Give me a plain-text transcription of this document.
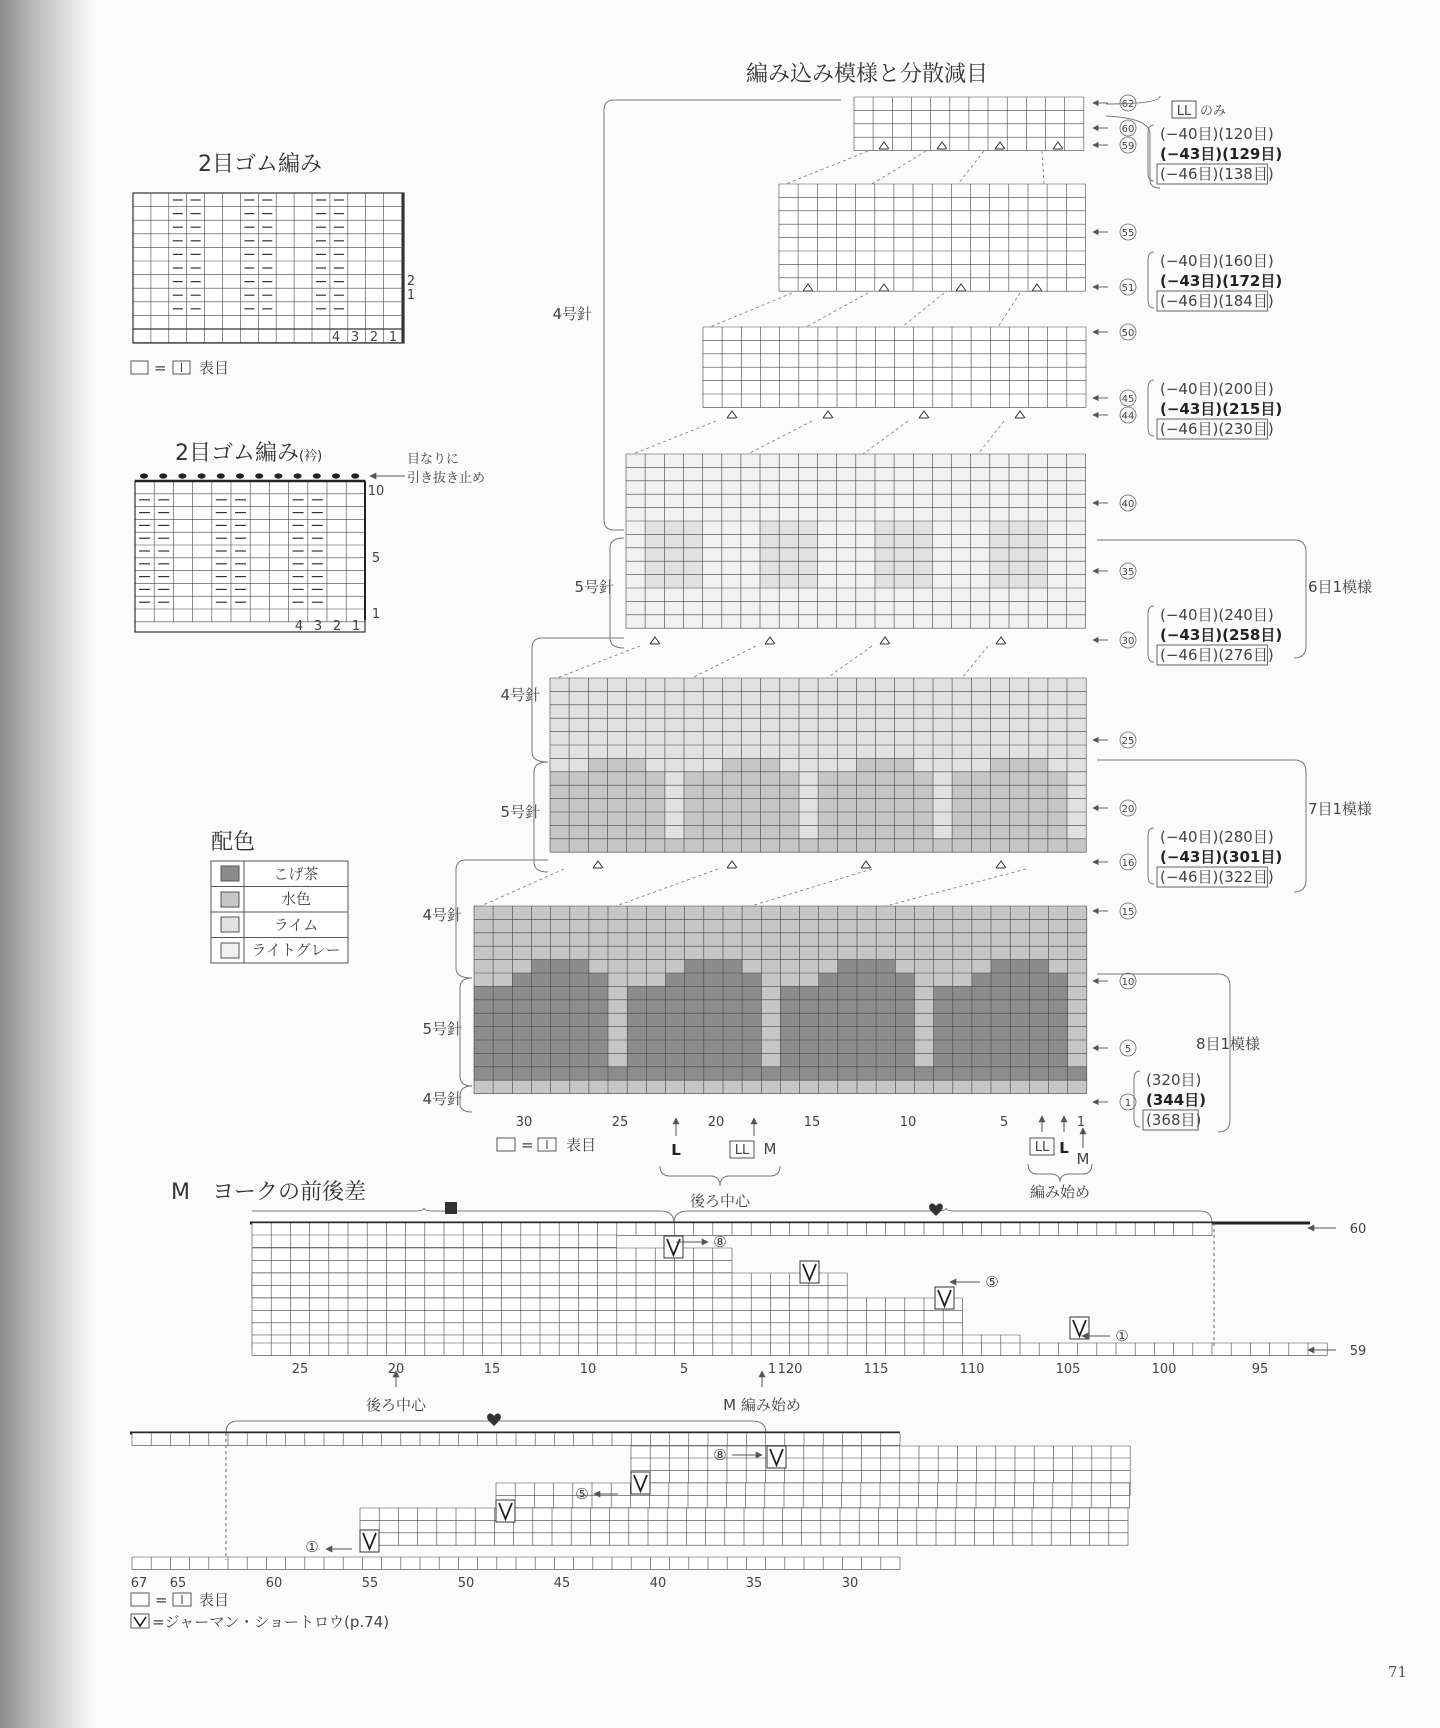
2目ゴム編み
2
1
4 3 2 1
= 表目
2目ゴム編み(衿)	目なりに
引き抜き止め
10
5
1
4 3 2 1
配色
こげ茶
水色
ライム
ライトグレー
編み込み模様と分散減目
4号針
5号針
4号針
5号針
4号針
5号針
4号針
62
60
59
55
51
50
45
44
40
35
30
25
20
16
15
10
5
1
LL のみ
(−40目)(120目)
(−43目)(129目)
(−46目)(138目)
(−40目)(160目)
(−43目)(172目)
(−46目)(184目)
(−40目)(200目)
(−43目)(215目)
(−46目)(230目)
(−40目)(240目)
(−43目)(258目)
(−46目)(276目)
(−40目)(280目)
(−43目)(301目)
(−46目)(322目)
(320目)
(344目)
(368目)
6目1模様
7目1模様
8目1模様
30	25	20	15	10	5	1
= 表目	L	LL M
後ろ中心
LL L
M
編み始め
M　ヨークの前後差
60
59
⑧
⑤
①
25	20	15	10	5	1 120	115	110	105	100	95
後ろ中心	M 編み始め
⑧
⑤
①
67 65	60	55	50	45	40	35	30
= 表目
=ジャーマン・ショートロウ(p.74)
71
